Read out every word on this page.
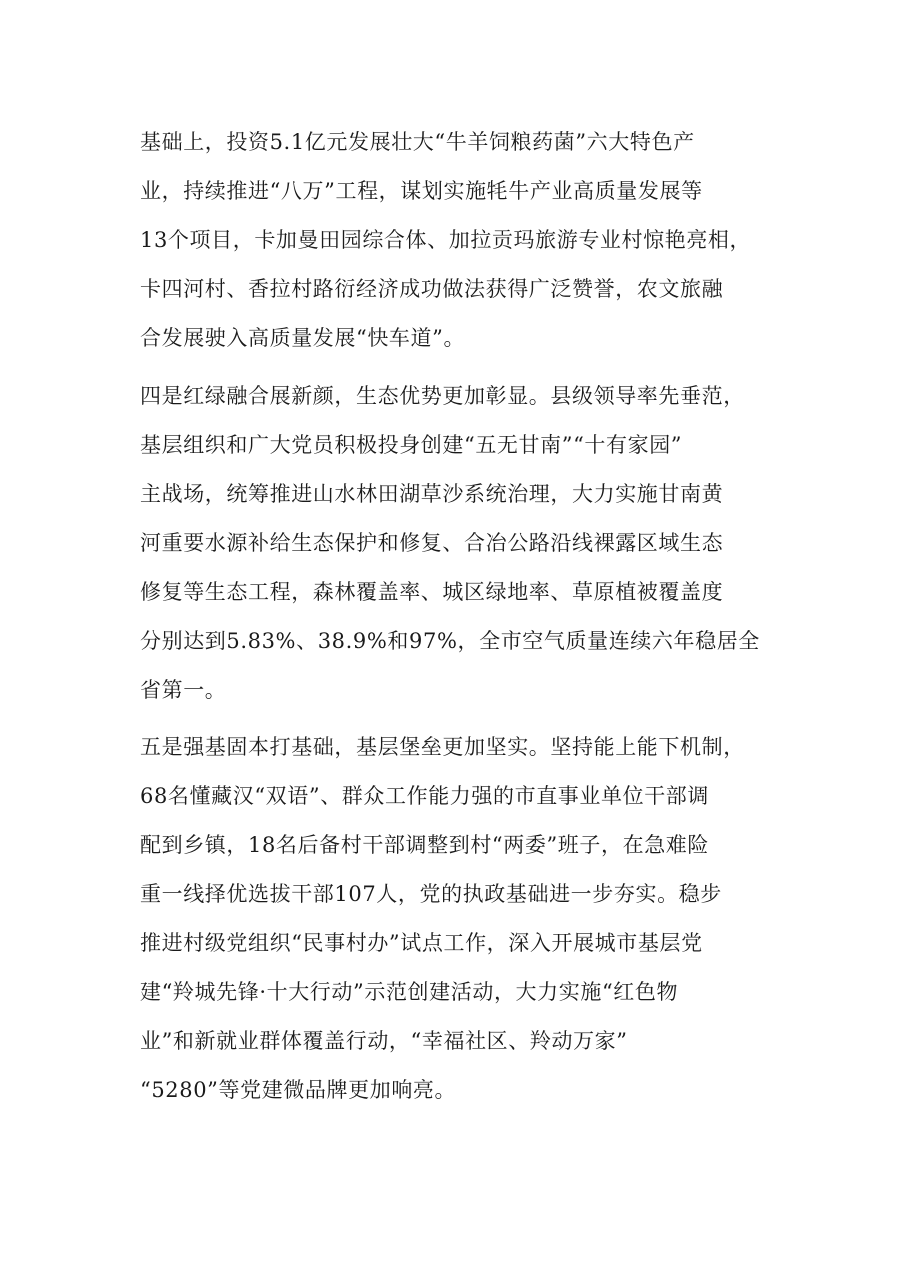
基础上，投资5.1亿元发展壮大“牛羊饲粮药菌”六大特色产
业，持续推进“八万”工程，谋划实施牦牛产业高质量发展等
13个项目，卡加曼田园综合体、加拉贡玛旅游专业村惊艳亮相，
卡四河村、香拉村路衍经济成功做法获得广泛赞誉，农文旅融
合发展驶入高质量发展“快车道”。

四是红绿融合展新颜，生态优势更加彰显。县级领导率先垂范，
基层组织和广大党员积极投身创建“五无甘南”“十有家园”
主战场，统筹推进山水林田湖草沙系统治理，大力实施甘南黄
河重要水源补给生态保护和修复、合冶公路沿线裸露区域生态
修复等生态工程，森林覆盖率、城区绿地率、草原植被覆盖度
分别达到5.83%、38.9%和97%，全市空气质量连续六年稳居全
省第一。

五是强基固本打基础，基层堡垒更加坚实。坚持能上能下机制，
68名懂藏汉“双语”、群众工作能力强的市直事业单位干部调
配到乡镇，18名后备村干部调整到村“两委”班子，在急难险
重一线择优选拔干部107人，党的执政基础进一步夯实。稳步
推进村级党组织“民事村办”试点工作，深入开展城市基层党
建“羚城先锋·十大行动”示范创建活动，大力实施“红色物
业”和新就业群体覆盖行动，“幸福社区、羚动万家”
“5280”等党建微品牌更加响亮。
